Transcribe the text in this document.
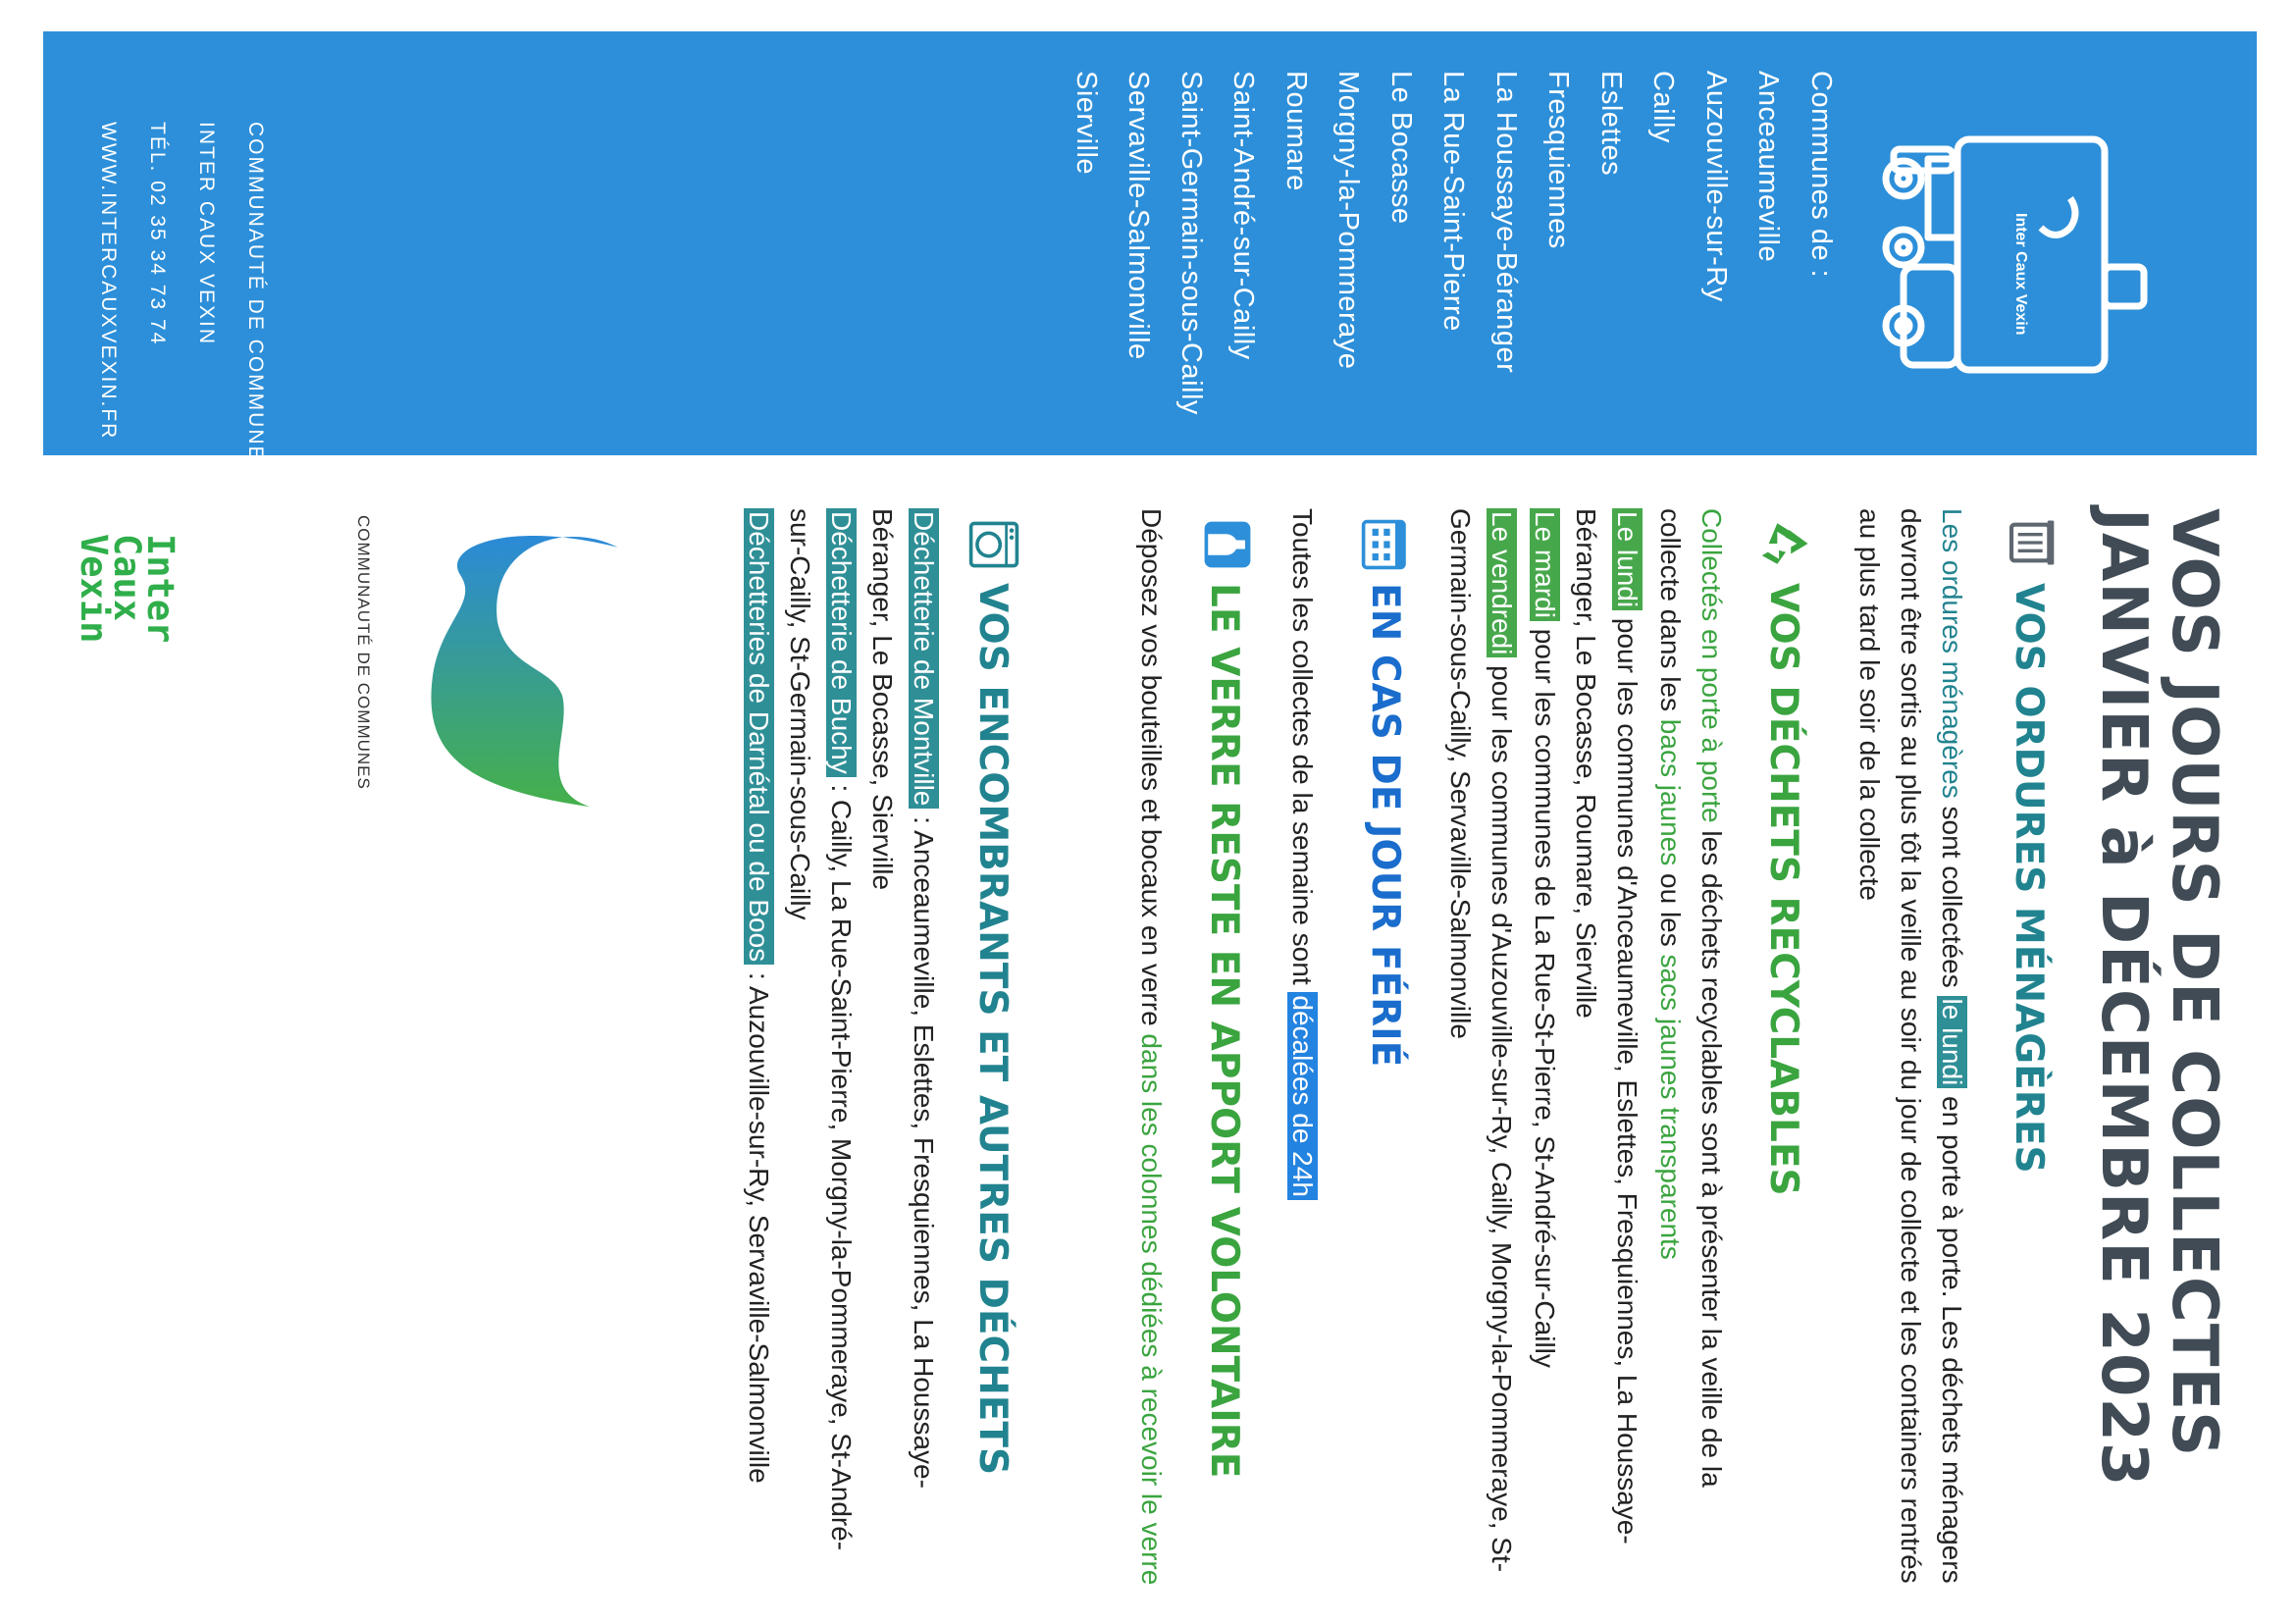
Inter Caux Vexin
Communes de :
Anceaumeville
Auzouville-sur-Ry
Cailly
Eslettes
Fresquiennes
La Houssaye-Béranger
La Rue-Saint-Pierre
Le Bocasse
Morgny-la-Pommeraye
Roumare
Saint-André-sur-Cailly
Saint-Germain-sous-Cailly
Servaville-Salmonville
Sierville
COMMUNAUTÉ DE COMMUNES
INTER CAUX VEXIN
TÉL. 02 35 34 73 74
WWW.INTERCAUXVEXIN.FR
Inter
Caux
Vexin	COMMUNAUTÉ DE COMMUNES	VOS JOURS DE COLLECTES
JANVIER à DÉCEMBRE 2023
VOS ORDURES MÉNAGÈRES
Les ordures ménagères sont collectées le lundi en porte à porte. Les déchets ménagers devront être sortis au plus tôt la veille au soir du jour de collecte et les containers rentrés au plus tard le soir de la collecte
VOS DÉCHETS RECYCLABLES
Collectés en porte à porte les déchets recyclables sont à présenter la veille de la collecte dans les bacs jaunes ou les sacs jaunes transparents
Le lundi pour les communes d'Anceaumeville, Eslettes, Fresquiennes, La Houssaye-Béranger, Le Bocasse, Roumare, Sierville
Le mardi pour les communes de La Rue-St-Pierre, St-André-sur-Cailly
Le vendredi pour les communes d'Auzouville-sur-Ry, Cailly, Morgny-la-Pommeraye, St-Germain-sous-Cailly, Servaville-Salmonville
EN CAS DE JOUR FÉRIÉ
Toutes les collectes de la semaine sont décalées de 24h
LE VERRE RESTE EN APPORT VOLONTAIRE
Déposez vos bouteilles et bocaux en verre dans les colonnes dédiées à recevoir le verre
VOS ENCOMBRANTS ET AUTRES DÉCHETS
Déchetterie de Montville : Anceaumeville, Eslettes, Fresquiennes, La Houssaye-Béranger, Le Bocasse, Sierville
Déchetterie de Buchy : Cailly, La Rue-Saint-Pierre, Morgny-la-Pommeraye, St-André-sur-Cailly, St-Germain-sous-Cailly
Déchetteries de Darnétal ou de Boos : Auzouville-sur-Ry, Servaville-Salmonville
